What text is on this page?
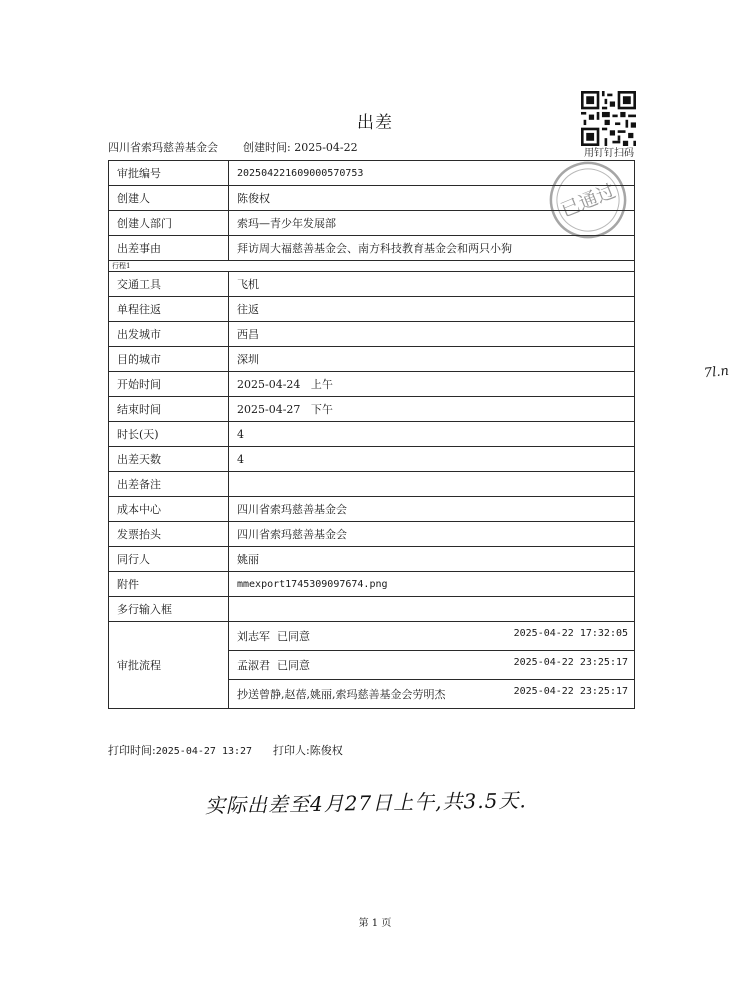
出差
四川省索玛慈善基金会 创建时间: 2025-04-22	用钉钉扫码
已通过
审批编号	202504221609000570753
创建人	陈俊权
创建人部门	索玛—青少年发展部
出差事由	拜访周大福慈善基金会、南方科技教育基金会和两只小狗
行程1	
交通工具	飞机
单程往返	往返
出发城市	西昌
目的城市	深圳
开始时间	2025-04-24   上午
结束时间	2025-04-27   下午
时长(天)	4
出差天数	4
出差备注	
成本中心	四川省索玛慈善基金会
发票抬头	四川省索玛慈善基金会
同行人	姚丽
附件	mmexport1745309097674.png
多行输入框	
审批流程	刘志军  已同意 2025-04-22 17:32:05

	孟淑君  已同意 2025-04-22 23:25:17

	抄送曾静,赵蓓,姚丽,索玛慈善基金会劳明杰 2025-04-22 23:25:17
打印时间:2025-04-27 13:27 打印人:陈俊权
实际出差至4月27日上午,共3.5天.
7l.n
第 1 页
